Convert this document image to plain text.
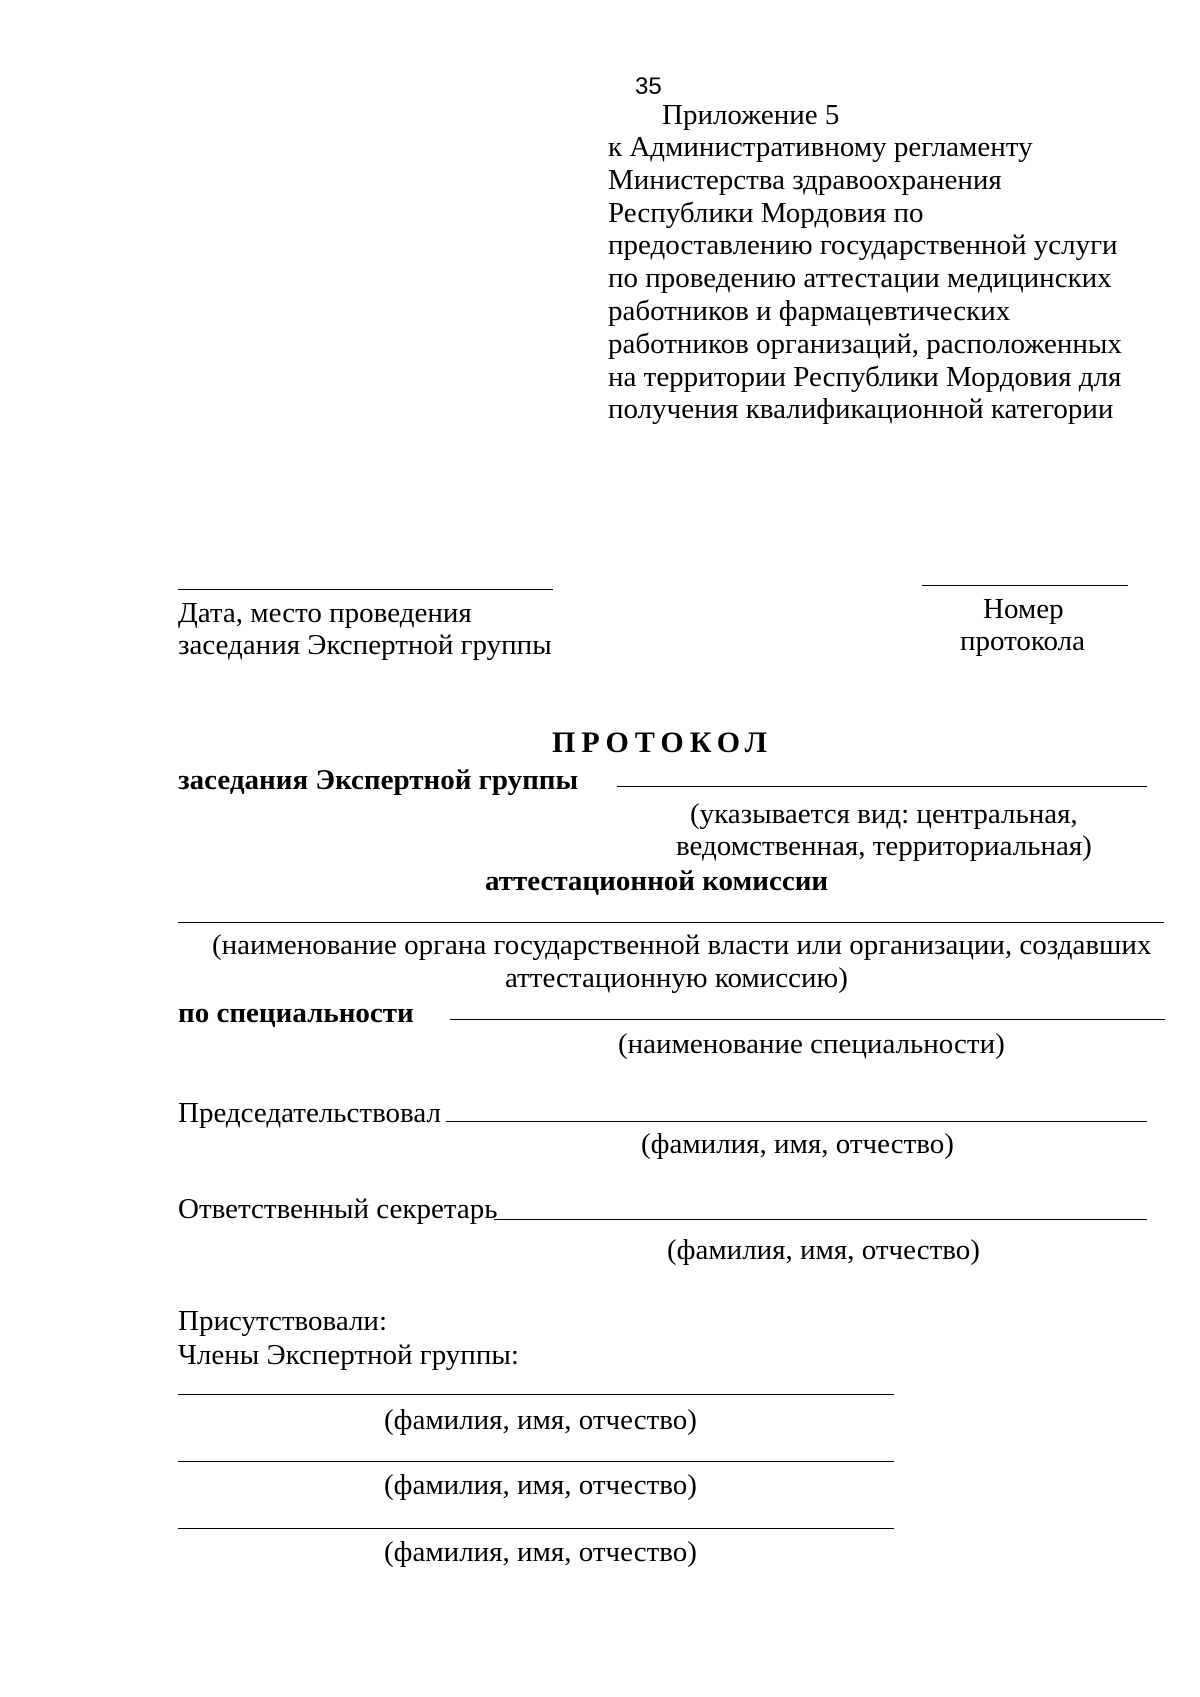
35
Приложение 5
к Административному регламенту
Министерства здравоохранения
Республики Мордовия по
предоставлению государственной услуги
по проведению аттестации медицинских
работников и фармацевтических
работников организаций, расположенных
на территории Республики Мордовия для
получения квалификационной категории
Дата, место проведения
заседания Экспертной группы
Номер
протокола
ПРОТОКОЛ
заседания Экспертной группы
(указывается вид: центральная,
ведомственная, территориальная)
аттестационной комиссии
(наименование органа государственной власти или организации, создавших
аттестационную комиссию)
по специальности
(наименование специальности)
Председательствовал
(фамилия, имя, отчество)
Ответственный секретарь
(фамилия, имя, отчество)
Присутствовали:
Члены Экспертной группы:
(фамилия, имя, отчество)
(фамилия, имя, отчество)
(фамилия, имя, отчество)
